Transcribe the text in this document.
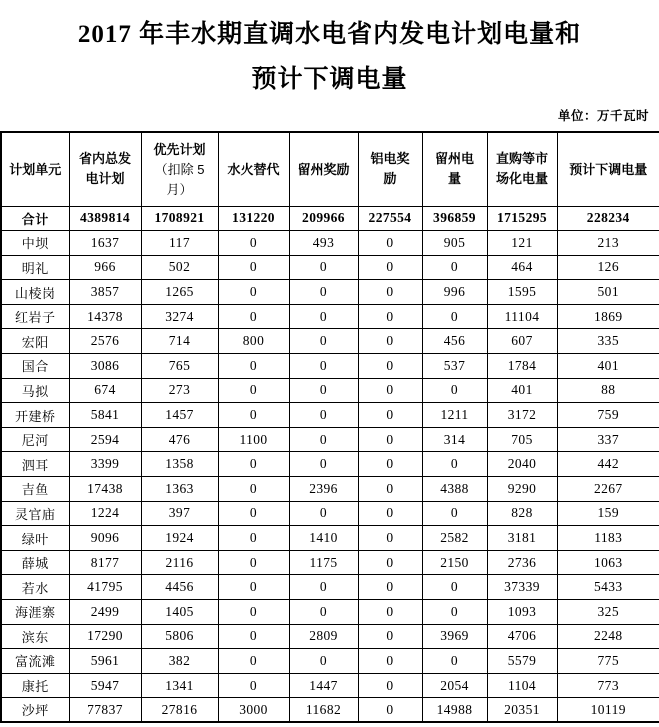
2017 年丰水期直调水电省内发电计划电量和
预计下调电量
单位：万千瓦时
计划单元	省内总发电计划	优先计划（扣除 5 月）	水火替代	留州奖励	铝电奖励	留州电量	直购等市场化电量	预计下调电量
合计	4389814	1708921	131220	209966	227554	396859	1715295	228234
中坝	1637	117	0	493	0	905	121	213
明礼	966	502	0	0	0	0	464	126
山棱岗	3857	1265	0	0	0	996	1595	501
红岩子	14378	3274	0	0	0	0	11104	1869
宏阳	2576	714	800	0	0	456	607	335
国合	3086	765	0	0	0	537	1784	401
马拟	674	273	0	0	0	0	401	88
开建桥	5841	1457	0	0	0	1211	3172	759
尼河	2594	476	1100	0	0	314	705	337
泗耳	3399	1358	0	0	0	0	2040	442
吉鱼	17438	1363	0	2396	0	4388	9290	2267
灵官庙	1224	397	0	0	0	0	828	159
绿叶	9096	1924	0	1410	0	2582	3181	1183
薛城	8177	2116	0	1175	0	2150	2736	1063
若水	41795	4456	0	0	0	0	37339	5433
海涯寨	2499	1405	0	0	0	0	1093	325
滨东	17290	5806	0	2809	0	3969	4706	2248
富流滩	5961	382	0	0	0	0	5579	775
康托	5947	1341	0	1447	0	2054	1104	773
沙坪	77837	27816	3000	11682	0	14988	20351	10119
